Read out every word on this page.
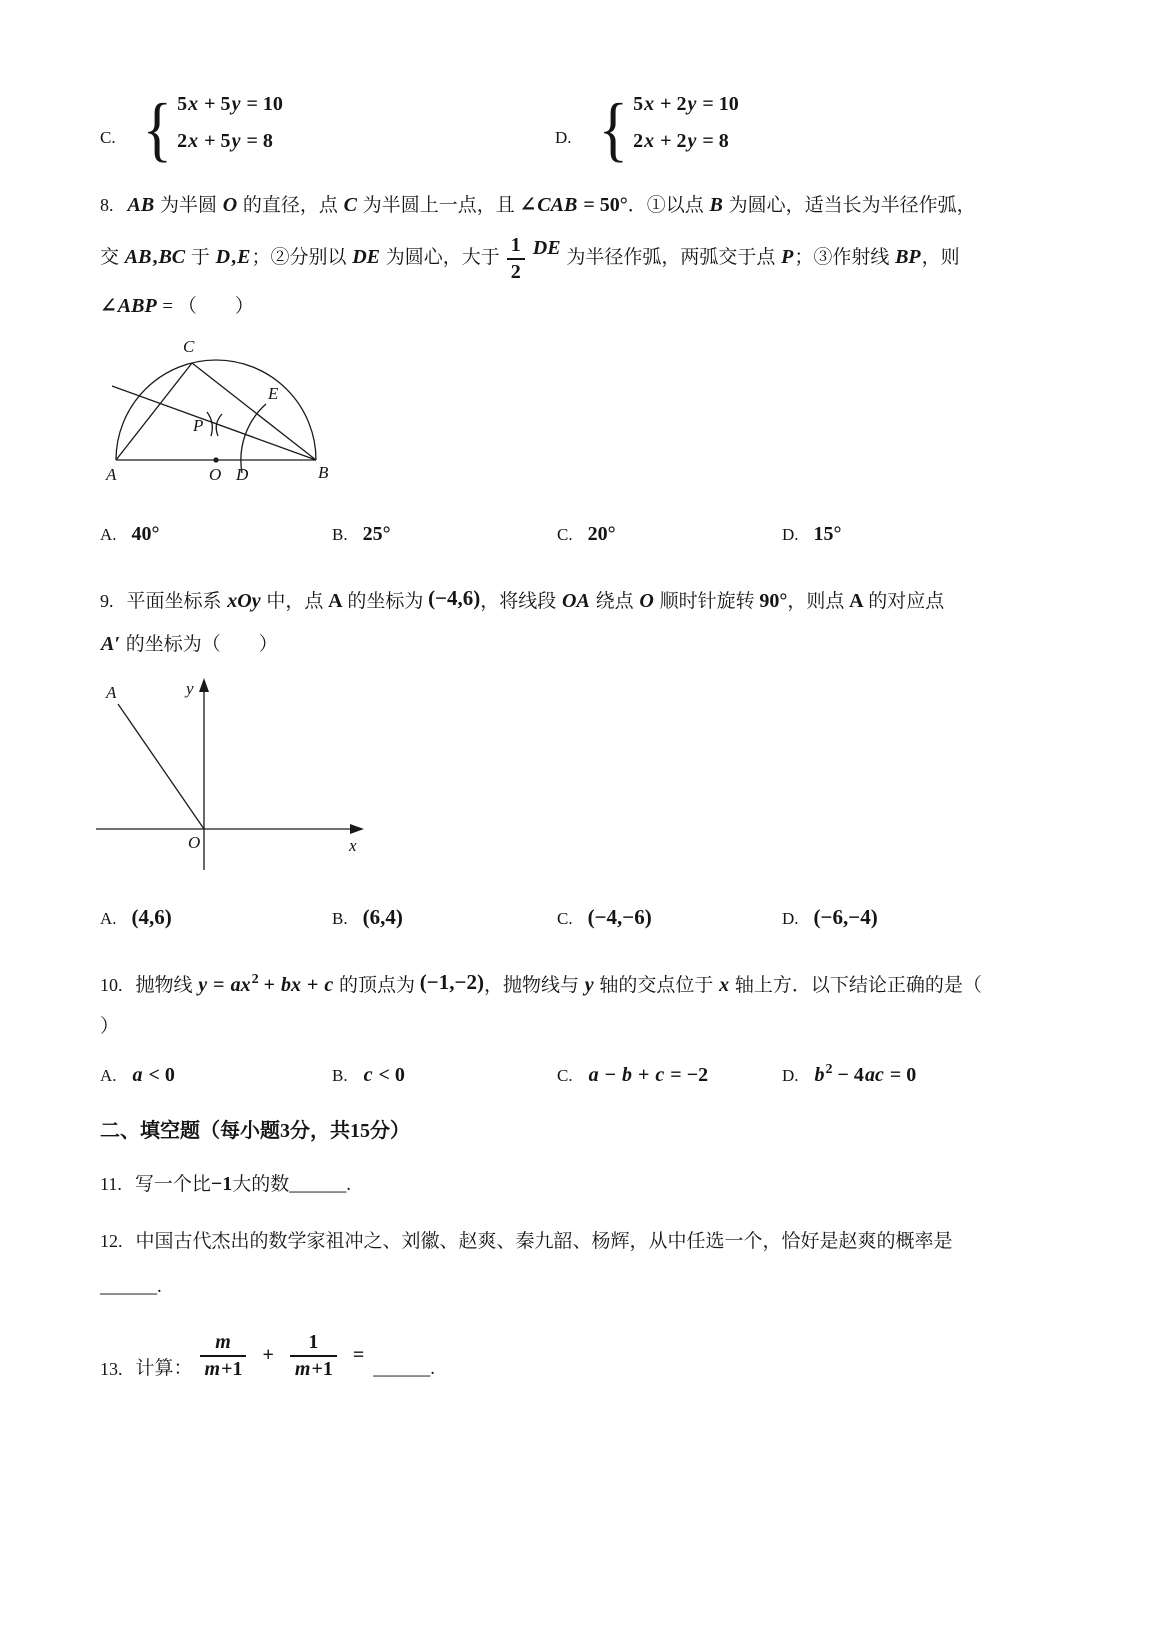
C. { 5x + 5y = 10
2x + 5y = 8	D. { 5x + 2y = 10
2x + 2y = 8
8. AB 为半圆 O 的直径，点 C 为半圆上一点，且 ∠CAB = 50°．①以点 B 为圆心，适当长为半径作弧，
交 AB,BC 于 D,E；②分别以 DE 为圆心，大于 $\frac{1}{2}$ DE 为半径作弧，两弧交于点 P；③作射线 BP，则
∠ABP = （　　）
C
E
P
A	O D	B
A. 40°	B. 25°	C. 20°	D. 15°
9. 平面坐标系 xOy 中，点 A 的坐标为 (−4,6)，将线段 OA 绕点 O 顺时针旋转 90°，则点 A 的对应点
A′ 的坐标为（　　）
A	y
x
O
A. (4,6)	B. (6,4)	C. (−4,−6)	D. (−6,−4)
10. 抛物线 y = ax2 + bx + c 的顶点为 (−1,−2)，抛物线与 y 轴的交点位于 x 轴上方．以下结论正确的是（
）
A. a < 0	B. c < 0	C. a − b + c = −2	D. b2 − 4ac = 0
二、填空题（每小题3分，共15分）
11. 写一个比−1大的数______.
12. 中国古代杰出的数学家祖冲之、刘徽、赵爽、秦九韶、杨辉，从中任选一个，恰好是赵爽的概率是
______.
13. 计算： $\frac{m}{m+1} + \frac{1}{m+1}$ =
______.
